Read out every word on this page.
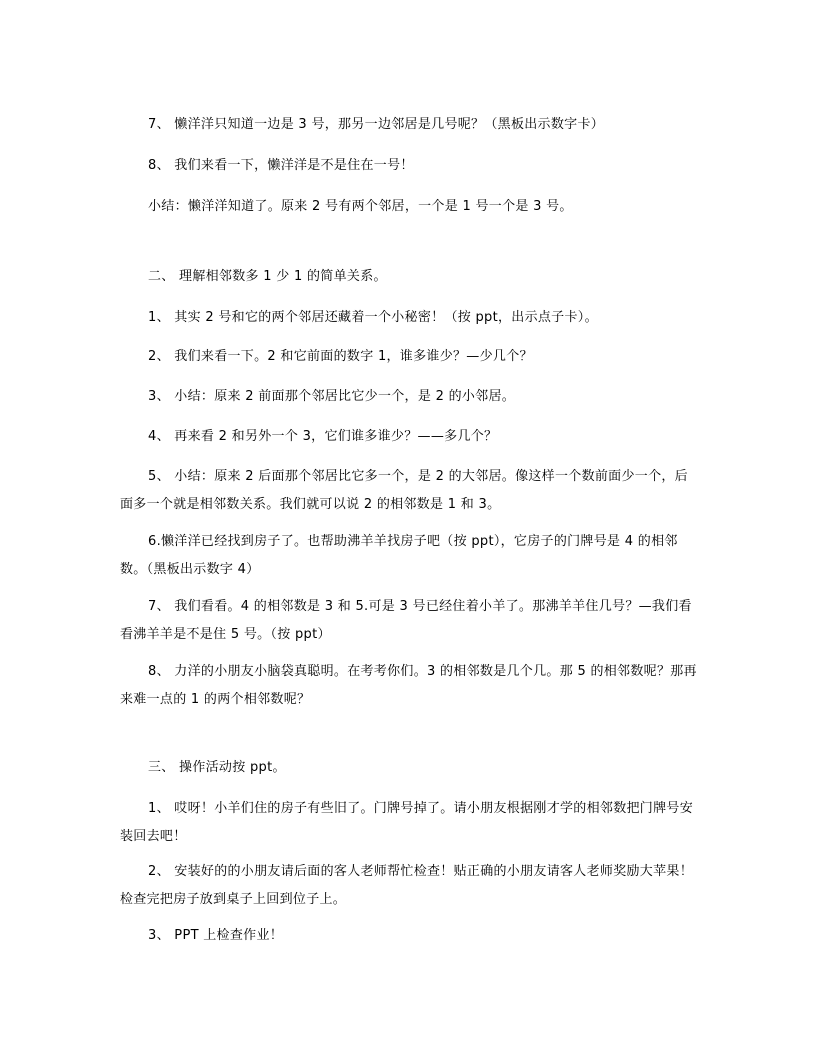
7、 懒洋洋只知道一边是 3 号，那另一边邻居是几号呢？（黑板出示数字卡）
8、 我们来看一下，懒洋洋是不是住在一号！
小结：懒洋洋知道了。原来 2 号有两个邻居，一个是 1 号一个是 3 号。
二、 理解相邻数多 1 少 1 的简单关系。
1、 其实 2 号和它的两个邻居还藏着一个小秘密！（按 ppt，出示点子卡）。
2、 我们来看一下。2 和它前面的数字 1，谁多谁少？—少几个？
3、 小结：原来 2 前面那个邻居比它少一个，是 2 的小邻居。
4、 再来看 2 和另外一个 3，它们谁多谁少？——多几个？
5、 小结：原来 2 后面那个邻居比它多一个，是 2 的大邻居。像这样一个数前面少一个，后面多一个就是相邻数关系。我们就可以说 2 的相邻数是 1 和 3。
6.懒洋洋已经找到房子了。也帮助沸羊羊找房子吧（按 ppt），它房子的门牌号是 4 的相邻数。（黑板出示数字 4）
7、 我们看看。4 的相邻数是 3 和 5.可是 3 号已经住着小羊了。那沸羊羊住几号？—我们看看沸羊羊是不是住 5 号。（按 ppt）
8、 力洋的小朋友小脑袋真聪明。在考考你们。3 的相邻数是几个几。那 5 的相邻数呢？那再来难一点的 1 的两个相邻数呢？
三、 操作活动按 ppt。
1、 哎呀！小羊们住的房子有些旧了。门牌号掉了。请小朋友根据刚才学的相邻数把门牌号安装回去吧！
2、 安装好的的小朋友请后面的客人老师帮忙检查！贴正确的小朋友请客人老师奖励大苹果！检查完把房子放到桌子上回到位子上。
3、 PPT 上检查作业！
